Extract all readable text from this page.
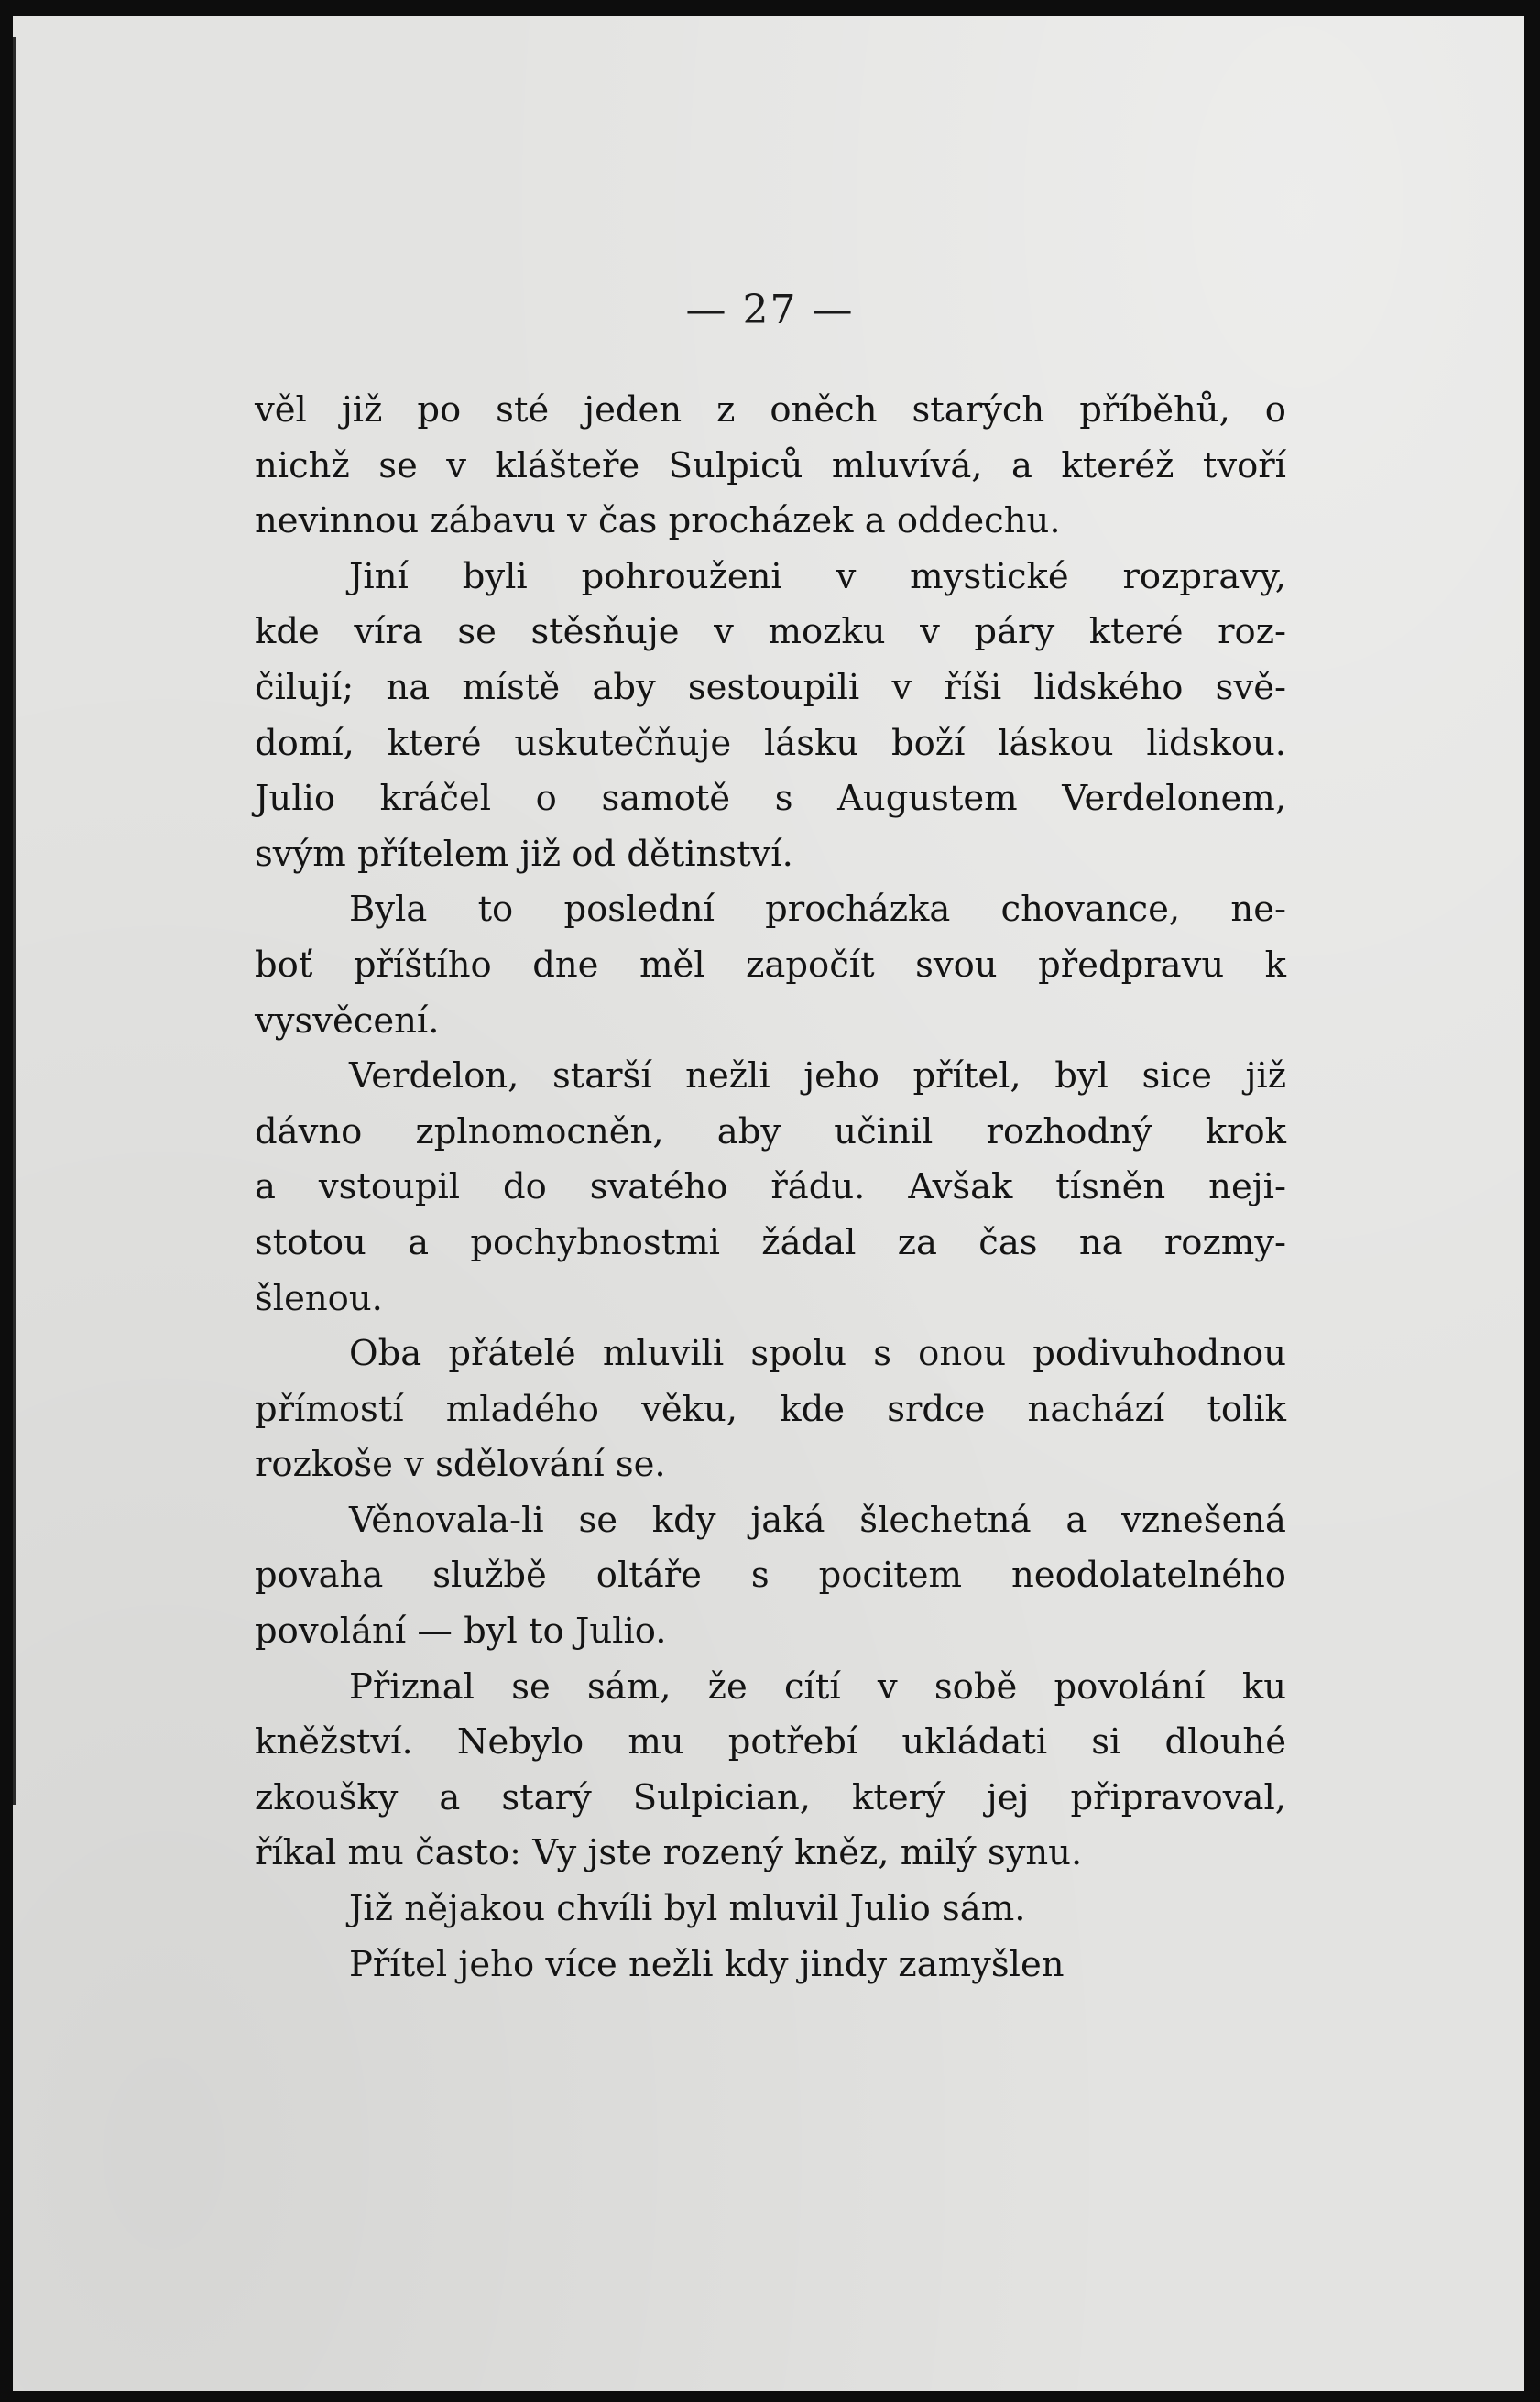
— 27 —
věl již po sté jeden z oněch starých příběhů, o
nichž se v klášteře Sulpiců mluvívá, a kteréž tvoří
nevinnou zábavu v čas procházek a oddechu.
Jiní byli pohrouženi v mystické rozpravy,
kde víra se stěsňuje v mozku v páry které roz-
čilují; na místě aby sestoupili v říši lidského svě-
domí, které uskutečňuje lásku boží láskou lidskou.
Julio kráčel o samotě s Augustem Verdelonem,
svým přítelem již od dětinství.
Byla to poslední procházka chovance, ne-
boť příštího dne měl započít svou předpravu k
vysvěcení.
Verdelon, starší nežli jeho přítel, byl sice již
dávno zplnomocněn, aby učinil rozhodný krok
a vstoupil do svatého řádu. Avšak tísněn neji-
stotou a pochybnostmi žádal za čas na rozmy-
šlenou.
Oba přátelé mluvili spolu s onou podivuhodnou
přímostí mladého věku, kde srdce nachází tolik
rozkoše v sdělování se.
Věnovala-li se kdy jaká šlechetná a vznešená
povaha službě oltáře s pocitem neodolatelného
povolání — byl to Julio.
Přiznal se sám, že cítí v sobě povolání ku
kněžství. Nebylo mu potřebí ukládati si dlouhé
zkoušky a starý Sulpician, který jej připravoval,
říkal mu často: Vy jste rozený kněz, milý synu.
Již nějakou chvíli byl mluvil Julio sám.
Přítel jeho více nežli kdy jindy zamyšlen
